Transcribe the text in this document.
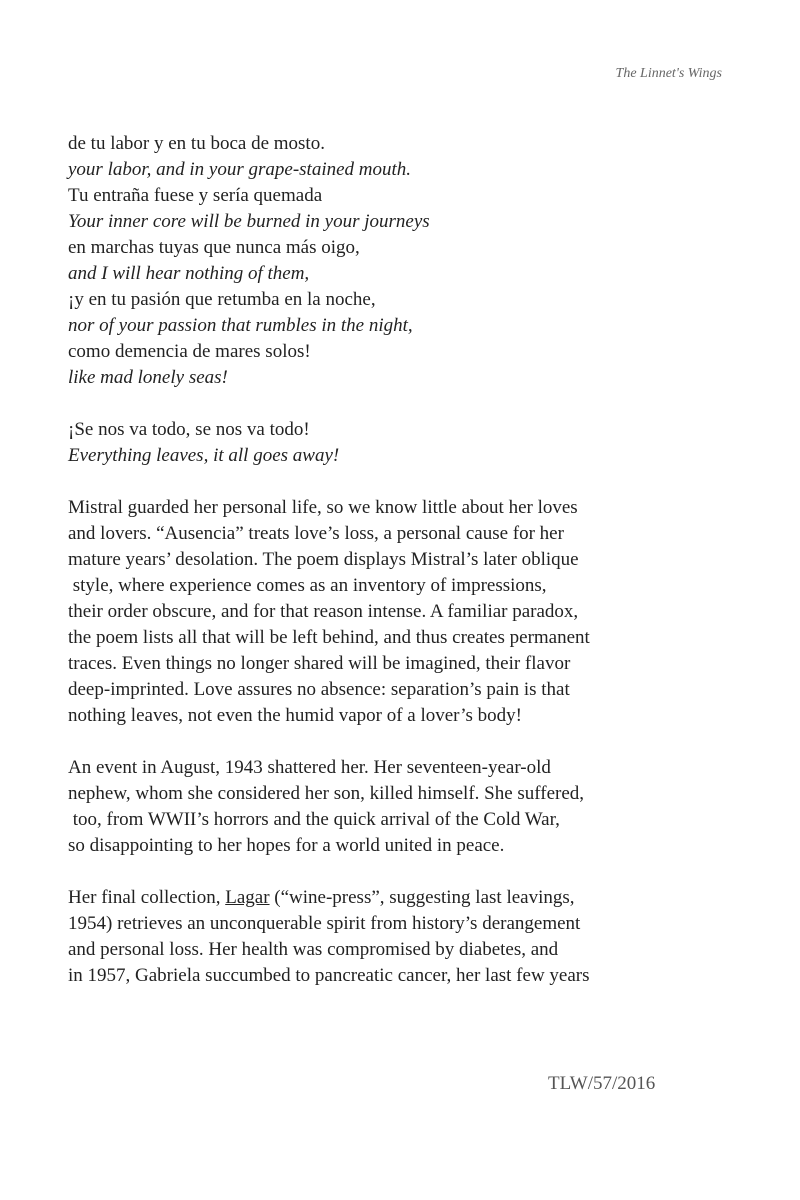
The Linnet's Wings
de tu labor y en tu boca de mosto.
your labor, and in your grape-stained mouth.
Tu entraña fuese y sería quemada
Your inner core will be burned in your journeys
en marchas tuyas que nunca más oigo,
and I will hear nothing of them,
¡y en tu pasión que retumba en la noche,
nor of your passion that rumbles in the night,
como demencia de mares solos!
like mad lonely seas!
¡Se nos va todo, se nos va todo!
Everything leaves, it all goes away!
Mistral guarded her personal life, so we know little about her loves
and lovers. “Ausencia” treats love’s loss, a personal cause for her
mature years’ desolation. The poem displays Mistral’s later oblique
style, where experience comes as an inventory of impressions,
their order obscure, and for that reason intense. A familiar paradox,
the poem lists all that will be left behind, and thus creates permanent
traces. Even things no longer shared will be imagined, their flavor
deep-imprinted. Love assures no absence: separation’s pain is that
nothing leaves, not even the humid vapor of a lover’s body!
An event in August, 1943 shattered her. Her seventeen-year-old
nephew, whom she considered her son, killed himself. She suffered,
too, from WWII’s horrors and the quick arrival of the Cold War,
so disappointing to her hopes for a world united in peace.
Her final collection, Lagar (“wine-press”, suggesting last leavings,
1954) retrieves an unconquerable spirit from history’s derangement
and personal loss. Her health was compromised by diabetes, and
in 1957, Gabriela succumbed to pancreatic cancer, her last few years
TLW/57/2016
